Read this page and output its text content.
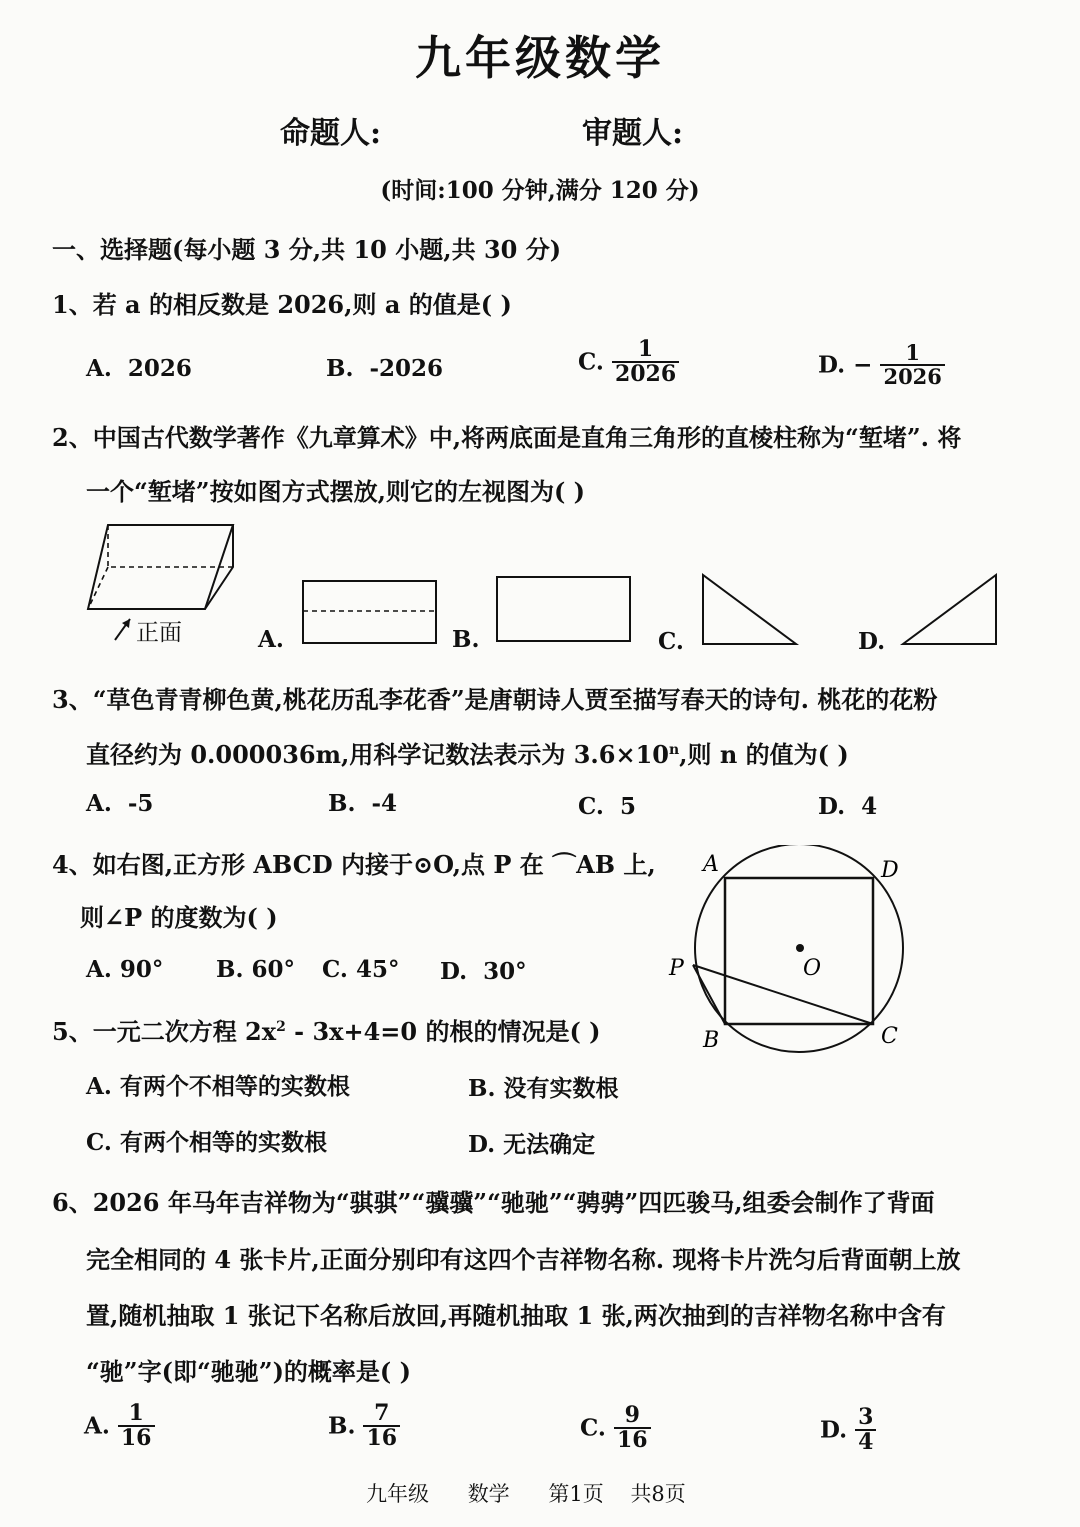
九年级数学
命题人:	审题人:
(时间:100 分钟,满分 120 分)
一、选择题(每小题 3 分,共 10 小题,共 30 分)
1、若 a 的相反数是 2026,则 a 的值是( )
A. 2026	B. -2026	C. $\frac{1}{2026}$	D. − $\frac{1}{2026}$
2、中国古代数学著作《九章算术》中,将两底面是直角三角形的直棱柱称为“堑堵”. 将
一个“堑堵”按如图方式摆放,则它的左视图为( )
正面	A.	B.	C.	D.
3、“草色青青柳色黄,桃花历乱李花香”是唐朝诗人贾至描写春天的诗句. 桃花的花粉
直径约为 0.000036m,用科学记数法表示为 $3.6\times 10^n$,则 n 的值为( )
A. -5	B. -4	C. 5	D. 4
4、如右图,正方形 ABCD 内接于⊙O,点 P 在 ⌒AB 上,
则∠P 的度数为( )
A. 90° B. 60° C. 45° D. 30°
A	D
O
P
B	C
5、一元二次方程 $2x^2 - 3x+4=0$ 的根的情况是( )
A. 有两个不相等的实数根	B. 没有实数根
C. 有两个相等的实数根	D. 无法确定
6、2026 年马年吉祥物为“骐骐”“骥骥”“驰驰”“骋骋”四匹骏马,组委会制作了背面
完全相同的 4 张卡片,正面分别印有这四个吉祥物名称. 现将卡片洗匀后背面朝上放
置,随机抽取 1 张记下名称后放回,再随机抽取 1 张,两次抽到的吉祥物名称中含有
“驰”字(即“驰驰”)的概率是( )
A. $\frac{1}{16}$	B. $\frac{7}{16}$	C. $\frac{9}{16}$	D. $\frac{3}{4}$
九年级 数学 第1页 共8页
